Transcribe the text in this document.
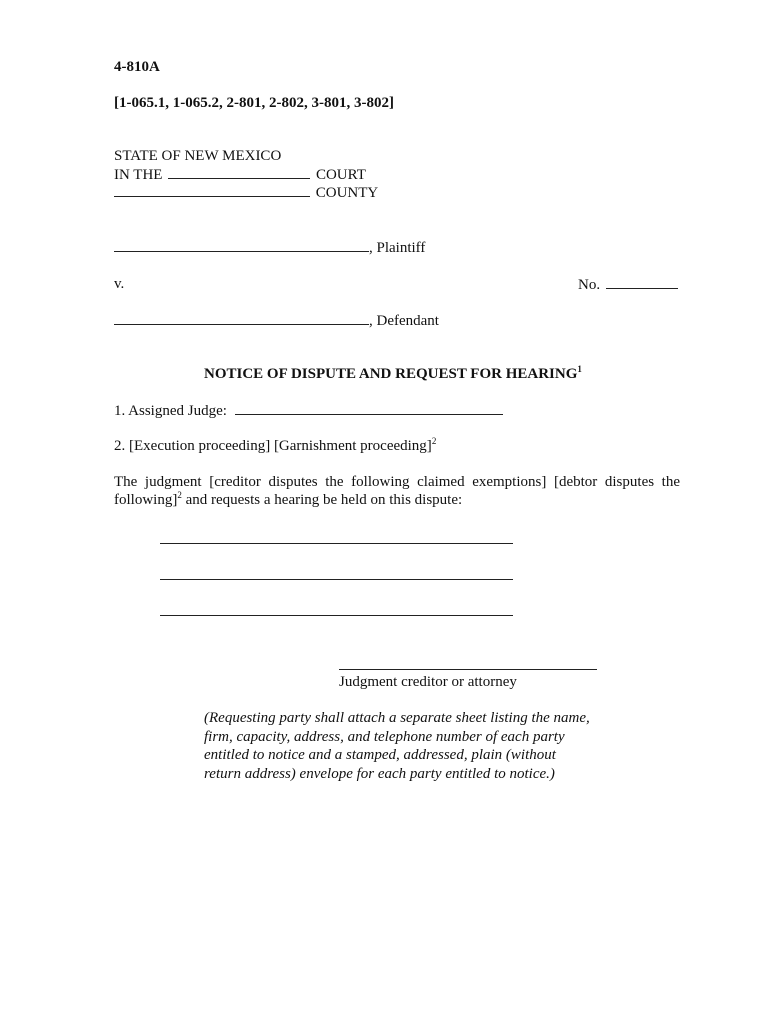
4-810A
[1-065.1, 1-065.2, 2-801, 2-802, 3-801, 3-802]
STATE OF NEW MEXICO
IN THE	COURT
COUNTY
, Plaintiff
v.	No.
, Defendant
NOTICE OF DISPUTE AND REQUEST FOR HEARING$^1$
1. Assigned Judge:
2. [Execution proceeding] [Garnishment proceeding]$^2$
The judgment [creditor disputes the following claimed exemptions] [debtor disputes the following]$^2$ and requests a hearing be held on this dispute:
Judgment creditor or attorney
(Requesting party shall attach a separate sheet listing the name, firm, capacity, address, and telephone number of each party entitled to notice and a stamped, addressed, plain (without return address) envelope for each party entitled to notice.)
